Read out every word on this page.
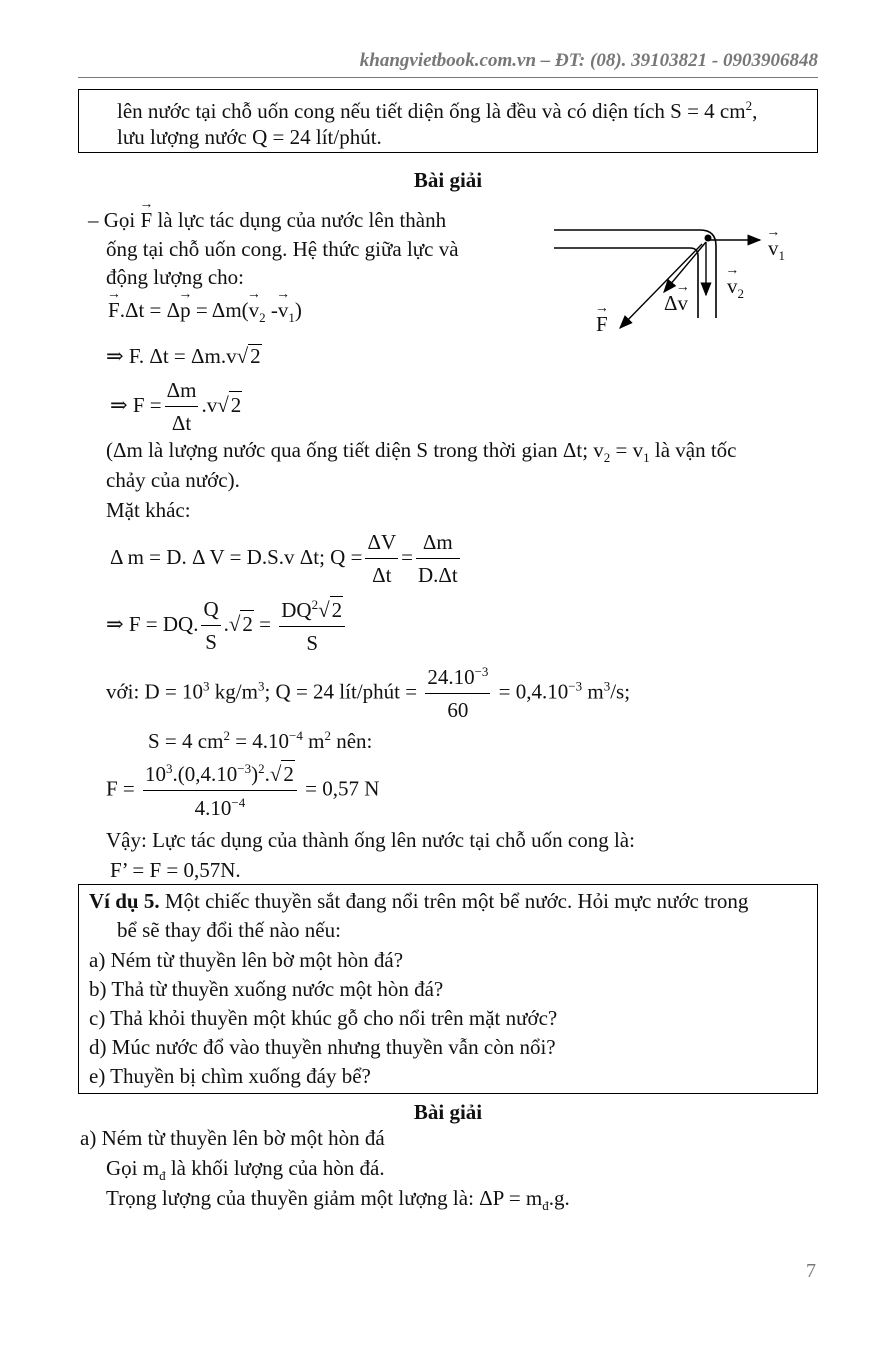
khangvietbook.com.vn – ĐT: (08). 39103821 - 0903906848
lên nước tại chỗ uốn cong nếu tiết diện ống là đều và có diện tích S = 4 $cm^2$,
lưu lượng nước Q = 24 lít/phút.
Bài giải
– Gọi → F là lực tác dụng của nước lên thành
ống tại chỗ uốn cong. Hệ thức giữa lực và
động lượng cho:
→ $v_1$
→ $v_2$
Δ→ v
→ F
→ $F.\Delta t = \Delta\to p = \Delta m(\to v_2 -\to v_1)$
⇒ F. Δt = Δm.v√2
⇒ $F = \frac{\Delta m}{\Delta t} .v√2$
(Δm là lượng nước qua ống tiết diện S trong thời gian Δt; $v_2 = v_1$ là vận tốc
chảy của nước).
Mặt khác:
Δ m = D. Δ V = D.S.v Δt; $Q = \frac{\Delta V}{\Delta t} = \frac{\Delta m}{D.\Delta t}$
⇒ F = DQ. $\frac{Q}{S} .√2 = \frac{DQ^2√2}{S}$
với: $D = 10^3$ $kg/m^3$; Q = 24 lít/phút = $\frac{24.10^{-3}}{60} = 0,4.10^{-3}$ $m^3/s$;
S = 4 $cm^2 = 4.10^{-4}$ $m^2$ nên:
$F = \frac{10^3.(0,4.10^{-3})^2.√2}{4.10^{-4}} = 0,57$ N
Vậy: Lực tác dụng của thành ống lên nước tại chỗ uốn cong là:
F’ = F = 0,57N.
Ví dụ 5. Một chiếc thuyền sắt đang nổi trên một bể nước. Hỏi mực nước trong
bể sẽ thay đổi thế nào nếu:
a) Ném từ thuyền lên bờ một hòn đá?
b) Thả từ thuyền xuống nước một hòn đá?
c) Thả khỏi thuyền một khúc gỗ cho nổi trên mặt nước?
d) Múc nước đổ vào thuyền nhưng thuyền vẫn còn nổi?
e) Thuyền bị chìm xuống đáy bể?
Bài giải
a) Ném từ thuyền lên bờ một hòn đá
Gọi $m_đ$ là khối lượng của hòn đá.
Trọng lượng của thuyền giảm một lượng là: $\Delta P = m_đ.g$.
7
